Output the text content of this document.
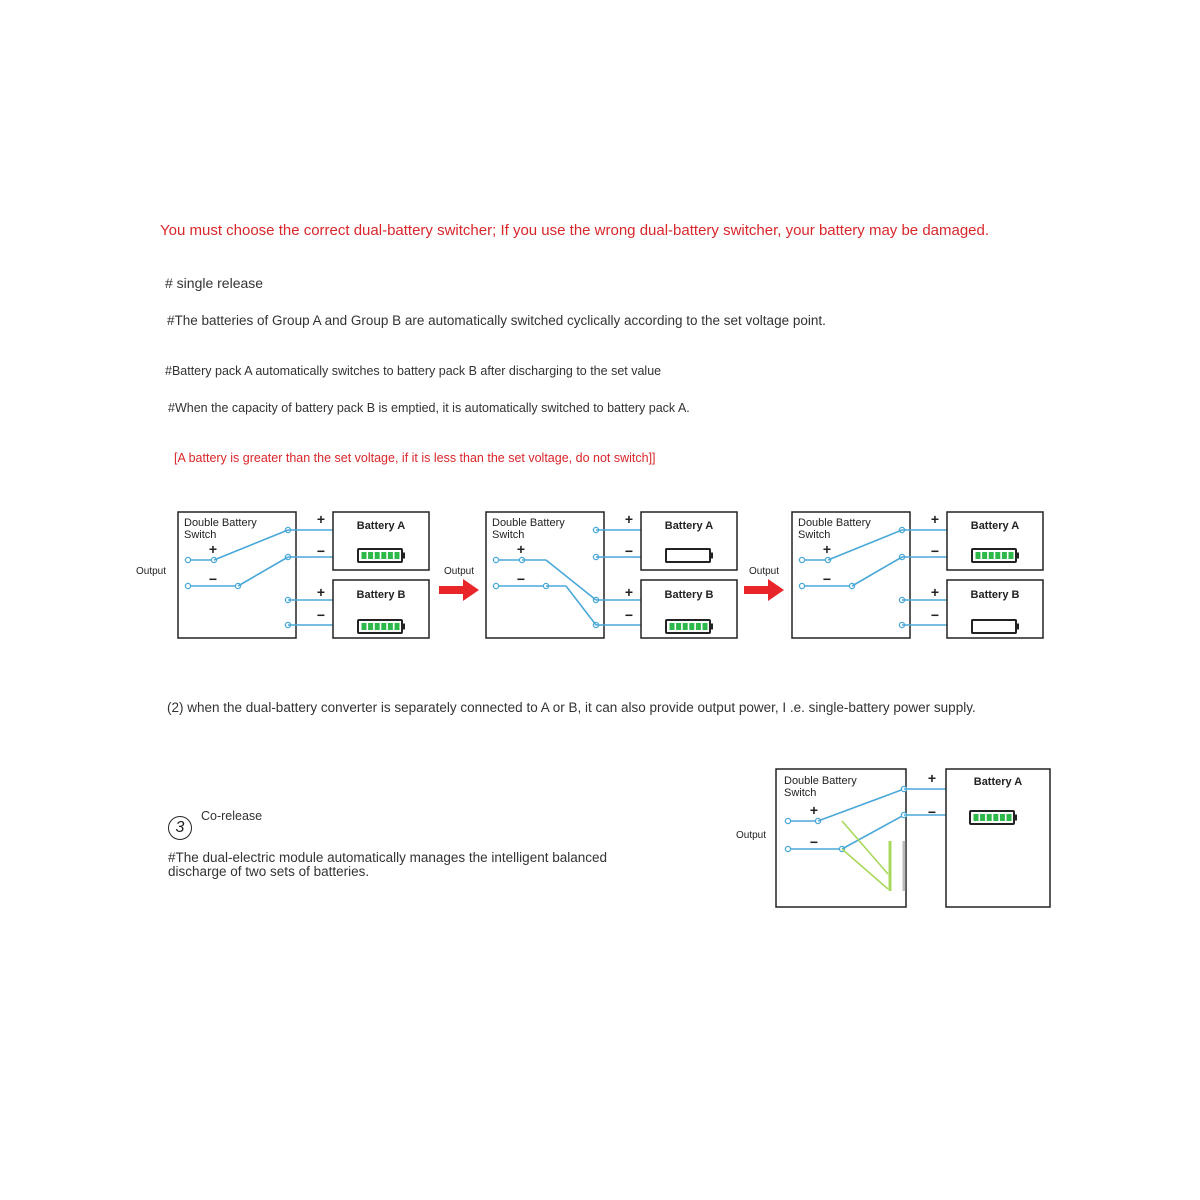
You must choose the correct dual-battery switcher; If you use the wrong dual-battery switcher, your battery may be damaged.
# single release
#The batteries of Group A and Group B are automatically switched cyclically according to the set voltage point.
#Battery pack A automatically switches to battery pack B after discharging to the set value
#When the capacity of battery pack B is emptied, it is automatically switched to battery pack A.
[A battery is greater than the set voltage, if it is less than the set voltage, do not switch]]
(2) when the dual-battery converter is separately connected to A or B, it can also provide output power, I .e. single-battery power supply.
3
Co-release
#The dual-electric module automatically manages the intelligent balanced discharge of two sets of batteries.
Double Battery
Switch
+
−
+
−
+
−
Battery A
Battery B
Double Battery
Switch
+
−
+
−
+
−
Battery A
Battery B
Double Battery
Switch
+
−
+
−
+
−
Battery A
Battery B
Output	Output	Output
Double Battery
Switch
+
−
+
−
Battery A
Output
